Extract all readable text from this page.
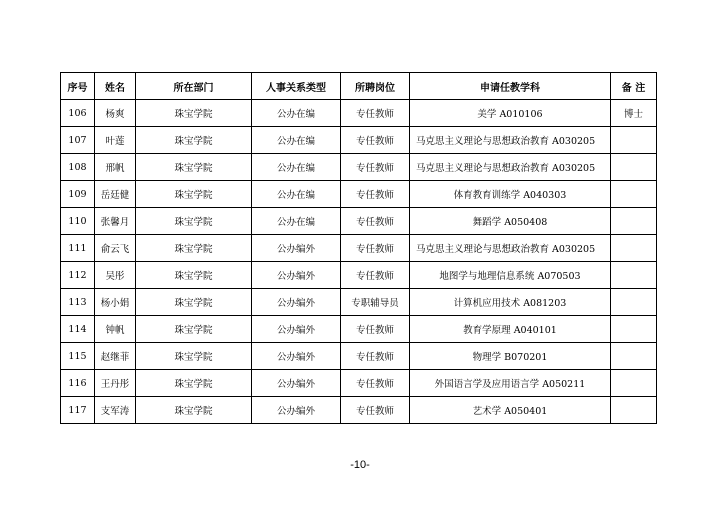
序号	姓名	所在部门	人事关系类型	所聘岗位	申请任教学科	备 注
106	杨爽	珠宝学院	公办在编	专任教师	美学 A010106	博士
107	叶莲	珠宝学院	公办在编	专任教师	马克思主义理论与思想政治教育 A030205	
108	邢帆	珠宝学院	公办在编	专任教师	马克思主义理论与思想政治教育 A030205	
109	岳廷健	珠宝学院	公办在编	专任教师	体育教育训练学 A040303	
110	张馨月	珠宝学院	公办在编	专任教师	舞蹈学 A050408	
111	俞云飞	珠宝学院	公办编外	专任教师	马克思主义理论与思想政治教育 A030205	
112	吴彤	珠宝学院	公办编外	专任教师	地图学与地理信息系统 A070503	
113	杨小娟	珠宝学院	公办编外	专职辅导员	计算机应用技术 A081203	
114	钟帆	珠宝学院	公办编外	专任教师	教育学原理 A040101	
115	赵继菲	珠宝学院	公办编外	专任教师	物理学 B070201	
116	王丹彤	珠宝学院	公办编外	专任教师	外国语言学及应用语言学 A050211	
117	支军涛	珠宝学院	公办编外	专任教师	艺术学 A050401	
-10-
